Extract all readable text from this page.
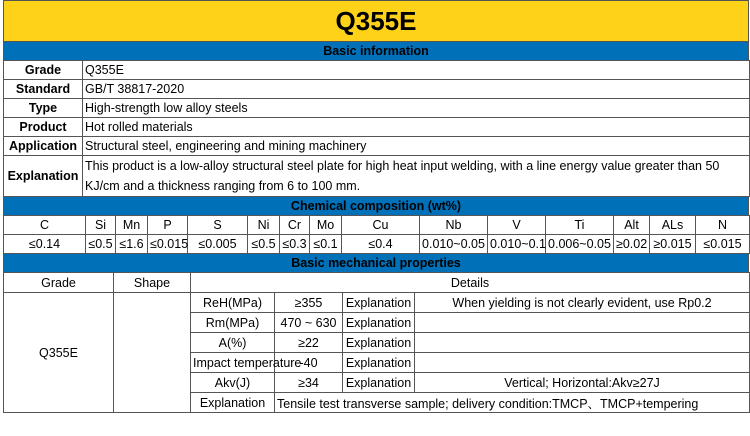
Q355E
Basic information
Grade	Q355E
Standard	GB/T 38817-2020
Type	High-strength low alloy steels
Product	Hot rolled materials
Application	Structural steel, engineering and mining machinery
Explanation	This product is a low-alloy structural steel plate for high heat input welding, with a line energy value greater than 50 KJ/cm and a thickness ranging from 6 to 100 mm.
Chemical composition (wt%)
C	Si	Mn	P	S	Ni	Cr	Mo	Cu	Nb	V	Ti	Alt	ALs	N
≤0.14	≤0.5	≤1.6	≤0.015	≤0.005	≤0.5	≤0.3	≤0.1	≤0.4	0.010~0.05	0.010~0.1	0.006~0.05	≥0.02	≥0.015	≤0.015
Basic mechanical properties
Grade	Shape	Details			
Q355E		ReH(MPa)	≥355	Explanation	When yielding is not clearly evident, use Rp0.2
		Rm(MPa)	470 ~ 630	Explanation	
		A(%)	≥22	Explanation	
		Impact temperature	-40	Explanation	
		Akv(J)	≥34	Explanation	Vertical; Horizontal:Akv≥27J
		Explanation	Tensile test transverse sample; delivery condition:TMCP、TMCP+tempering		
